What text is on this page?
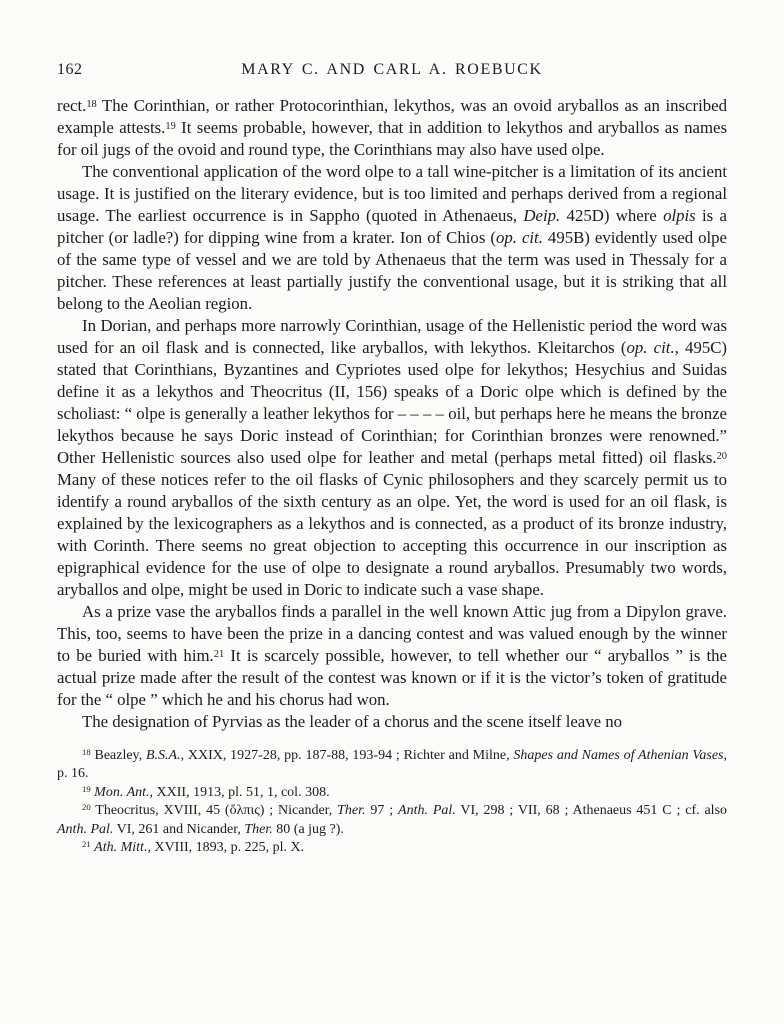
162	MARY C. AND CARL A. ROEBUCK

rect.$^{18}$ The Corinthian, or rather Protocorinthian, lekythos, was an ovoid aryballos as an inscribed example attests.$^{19}$ It seems probable, however, that in addition to lekythos and aryballos as names for oil jugs of the ovoid and round type, the Corinthians may also have used olpe.

The conventional application of the word olpe to a tall wine-pitcher is a limitation of its ancient usage. It is justified on the literary evidence, but is too limited and perhaps derived from a regional usage. The earliest occurrence is in Sappho (quoted in Athenaeus, Deip. 425D) where olpis is a pitcher (or ladle?) for dipping wine from a krater. Ion of Chios (op. cit. 495B) evidently used olpe of the same type of vessel and we are told by Athenaeus that the term was used in Thessaly for a pitcher. These references at least partially justify the conventional usage, but it is striking that all belong to the Aeolian region.

In Dorian, and perhaps more narrowly Corinthian, usage of the Hellenistic period the word was used for an oil flask and is connected, like aryballos, with lekythos. Kleitarchos (op. cit., 495C) stated that Corinthians, Byzantines and Cypriotes used olpe for lekythos; Hesychius and Suidas define it as a lekythos and Theocritus (II, 156) speaks of a Doric olpe which is defined by the scholiast: “ olpe is generally a leather lekythos for – – – – oil, but perhaps here he means the bronze lekythos because he says Doric instead of Corinthian; for Corinthian bronzes were renowned.” Other Hellenistic sources also used olpe for leather and metal (perhaps metal fitted) oil flasks.$^{20}$ Many of these notices refer to the oil flasks of Cynic philosophers and they scarcely permit us to identify a round aryballos of the sixth century as an olpe. Yet, the word is used for an oil flask, is explained by the lexicographers as a lekythos and is connected, as a product of its bronze industry, with Corinth. There seems no great objection to accepting this occurrence in our inscription as epigraphical evidence for the use of olpe to designate a round aryballos. Presumably two words, aryballos and olpe, might be used in Doric to indicate such a vase shape.

As a prize vase the aryballos finds a parallel in the well known Attic jug from a Dipylon grave. This, too, seems to have been the prize in a dancing contest and was valued enough by the winner to be buried with him.$^{21}$ It is scarcely possible, however, to tell whether our “ aryballos ” is the actual prize made after the result of the contest was known or if it is the victor’s token of gratitude for the “ olpe ” which he and his chorus had won.

The designation of Pyrvias as the leader of a chorus and the scene itself leave no

$^{18}$ Beazley, B.S.A., XXIX, 1927-28, pp. 187-88, 193-94 ; Richter and Milne, Shapes and Names of Athenian Vases, p. 16.

$^{19}$ Mon. Ant., XXII, 1913, pl. 51, 1, col. 308.

$^{20}$ Theocritus, XVIII, 45 (ὄλπις) ; Nicander, Ther. 97 ; Anth. Pal. VI, 298 ; VII, 68 ; Athenaeus 451 C ; cf. also Anth. Pal. VI, 261 and Nicander, Ther. 80 (a jug ?).

$^{21}$ Ath. Mitt., XVIII, 1893, p. 225, pl. X.
